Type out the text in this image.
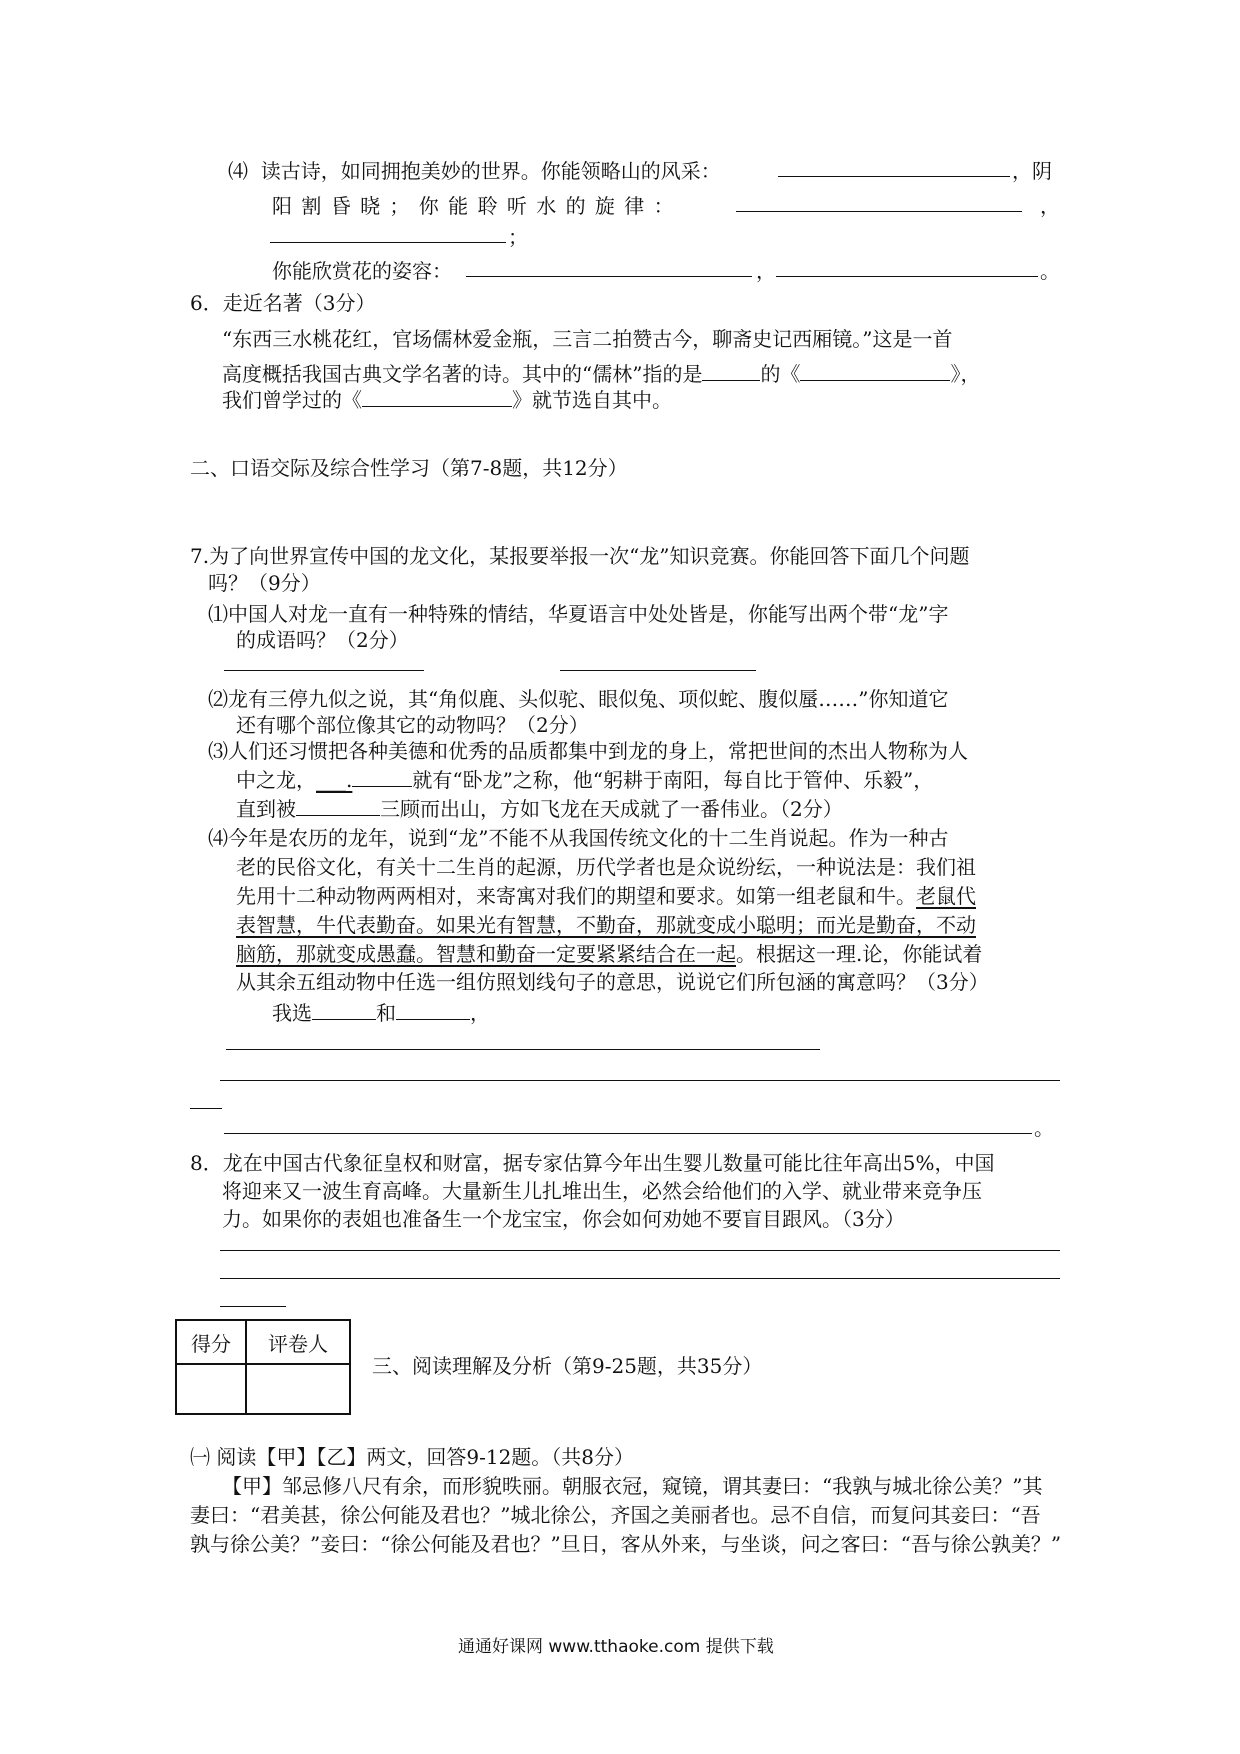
⑷ 读古诗，如同拥抱美妙的世界。你能领略山的风采：	，阴
阳 割 昏 晓 ； 你 能 聆 听 水 的 旋 律 ：	，
；
你能欣赏花的姿容：	，	。
6．走近名著（3分）
“东西三水桃花红，官场儒林爱金瓶，三言二拍赞古今，聊斋史记西厢镜。”这是一首
高度概括我国古典文学名著的诗。其中的“儒林”指的是	的《	》，
我们曾学过的《	》就节选自其中。
二、口语交际及综合性学习（第7-8题，共12分）
7.为了向世界宣传中国的龙文化，某报要举报一次“龙”知识竞赛。你能回答下面几个问题
吗？（9分）
⑴中国人对龙一直有一种特殊的情结，华夏语言中处处皆是，你能写出两个带“龙”字
的成语吗？（2分）
⑵龙有三停九似之说，其“角似鹿、头似驼、眼似兔、项似蛇、腹似蜃……”你知道它
还有哪个部位像其它的动物吗？（2分）
⑶人们还习惯把各种美德和优秀的品质都集中到龙的身上，常把世间的杰出人物称为人
中之龙，___.	就有“卧龙”之称，他“躬耕于南阳，每自比于管仲、乐毅”，
直到被	三顾而出山，方如飞龙在天成就了一番伟业。（2分）
⑷今年是农历的龙年，说到“龙”不能不从我国传统文化的十二生肖说起。作为一种古
老的民俗文化，有关十二生肖的起源，历代学者也是众说纷纭，一种说法是：我们祖
先用十二种动物两两相对，来寄寓对我们的期望和要求。如第一组老鼠和牛。老鼠代
表智慧，牛代表勤奋。如果光有智慧，不勤奋，那就变成小聪明；而光是勤奋，不动
脑筋，那就变成愚蠢。智慧和勤奋一定要紧紧结合在一起。根据这一理.论，你能试着
从其余五组动物中任选一组仿照划线句子的意思，说说它们所包涵的寓意吗？（3分）
我选	和	，
。
8．龙在中国古代象征皇权和财富，据专家估算今年出生婴儿数量可能比往年高出5%，中国
将迎来又一波生育高峰。大量新生儿扎堆出生，必然会给他们的入学、就业带来竞争压
力。如果你的表姐也准备生一个龙宝宝，你会如何劝她不要盲目跟风。（3分）
得分	评卷人

三、阅读理解及分析（第9-25题，共35分）
㈠ 阅读【甲】【乙】两文，回答9-12题。（共8分）
【甲】邹忌修八尺有余，而形貌昳丽。朝服衣冠，窥镜，谓其妻曰：“我孰与城北徐公美？”其
妻曰：“君美甚，徐公何能及君也？”城北徐公，齐国之美丽者也。忌不自信，而复问其妾曰：“吾
孰与徐公美？”妾曰：“徐公何能及君也？”旦日，客从外来，与坐谈，问之客曰：“吾与徐公孰美？”
通通好课网 www.tthaoke.com 提供下载
